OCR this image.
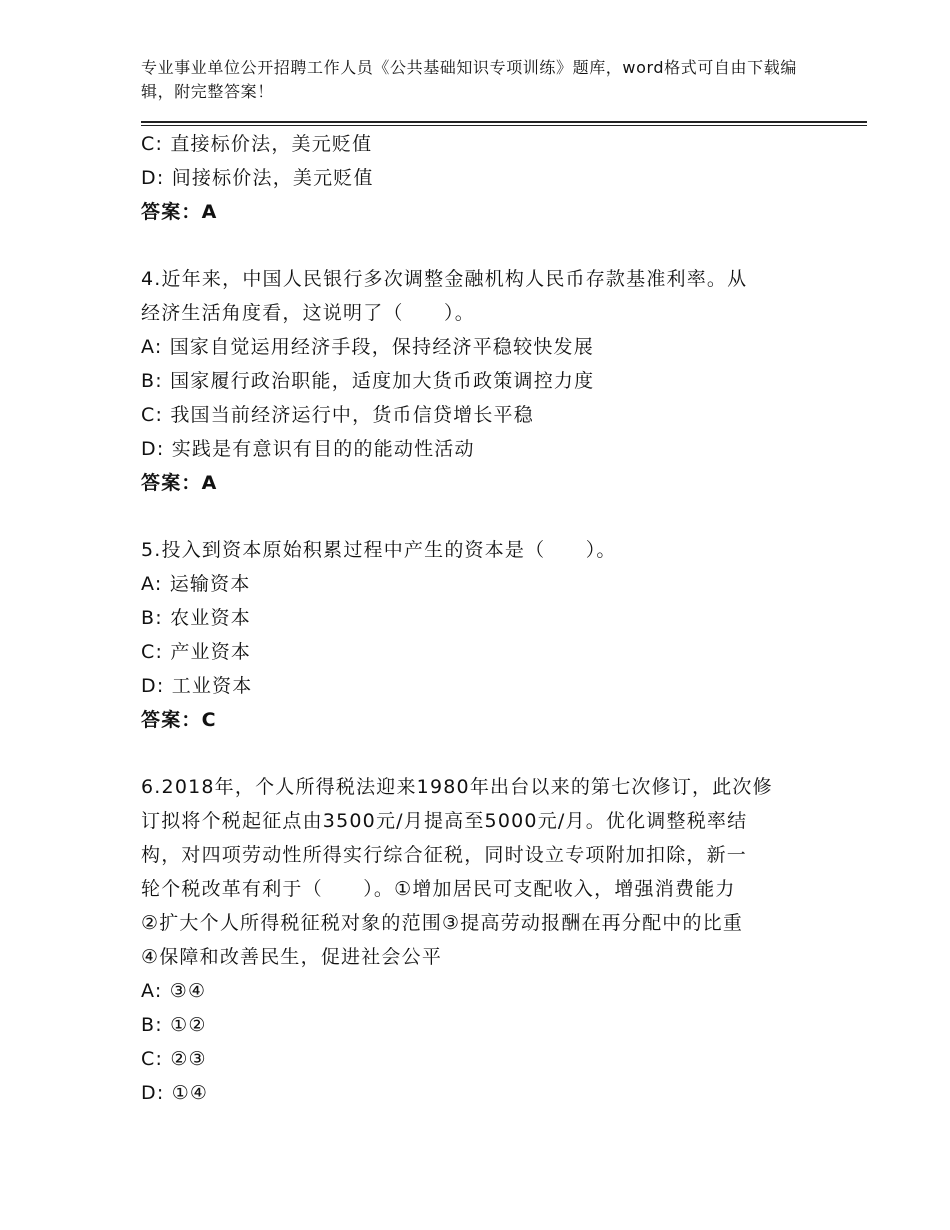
专业事业单位公开招聘工作人员《公共基础知识专项训练》题库，word格式可自由下载编辑，附完整答案！
C: 直接标价法，美元贬值
D: 间接标价法，美元贬值
答案：A
4.近年来，中国人民银行多次调整金融机构人民币存款基准利率。从
经济生活角度看，这说明了（　　）。
A: 国家自觉运用经济手段，保持经济平稳较快发展
B: 国家履行政治职能，适度加大货币政策调控力度
C: 我国当前经济运行中，货币信贷增长平稳
D: 实践是有意识有目的的能动性活动
答案：A
5.投入到资本原始积累过程中产生的资本是（　　）。
A: 运输资本
B: 农业资本
C: 产业资本
D: 工业资本
答案：C
6.2018年，个人所得税法迎来1980年出台以来的第七次修订，此次修
订拟将个税起征点由3500元/月提高至5000元/月。优化调整税率结
构，对四项劳动性所得实行综合征税，同时设立专项附加扣除，新一
轮个税改革有利于（　　）。①增加居民可支配收入，增强消费能力
②扩大个人所得税征税对象的范围③提高劳动报酬在再分配中的比重
④保障和改善民生，促进社会公平
A: ③④
B: ①②
C: ②③
D: ①④
